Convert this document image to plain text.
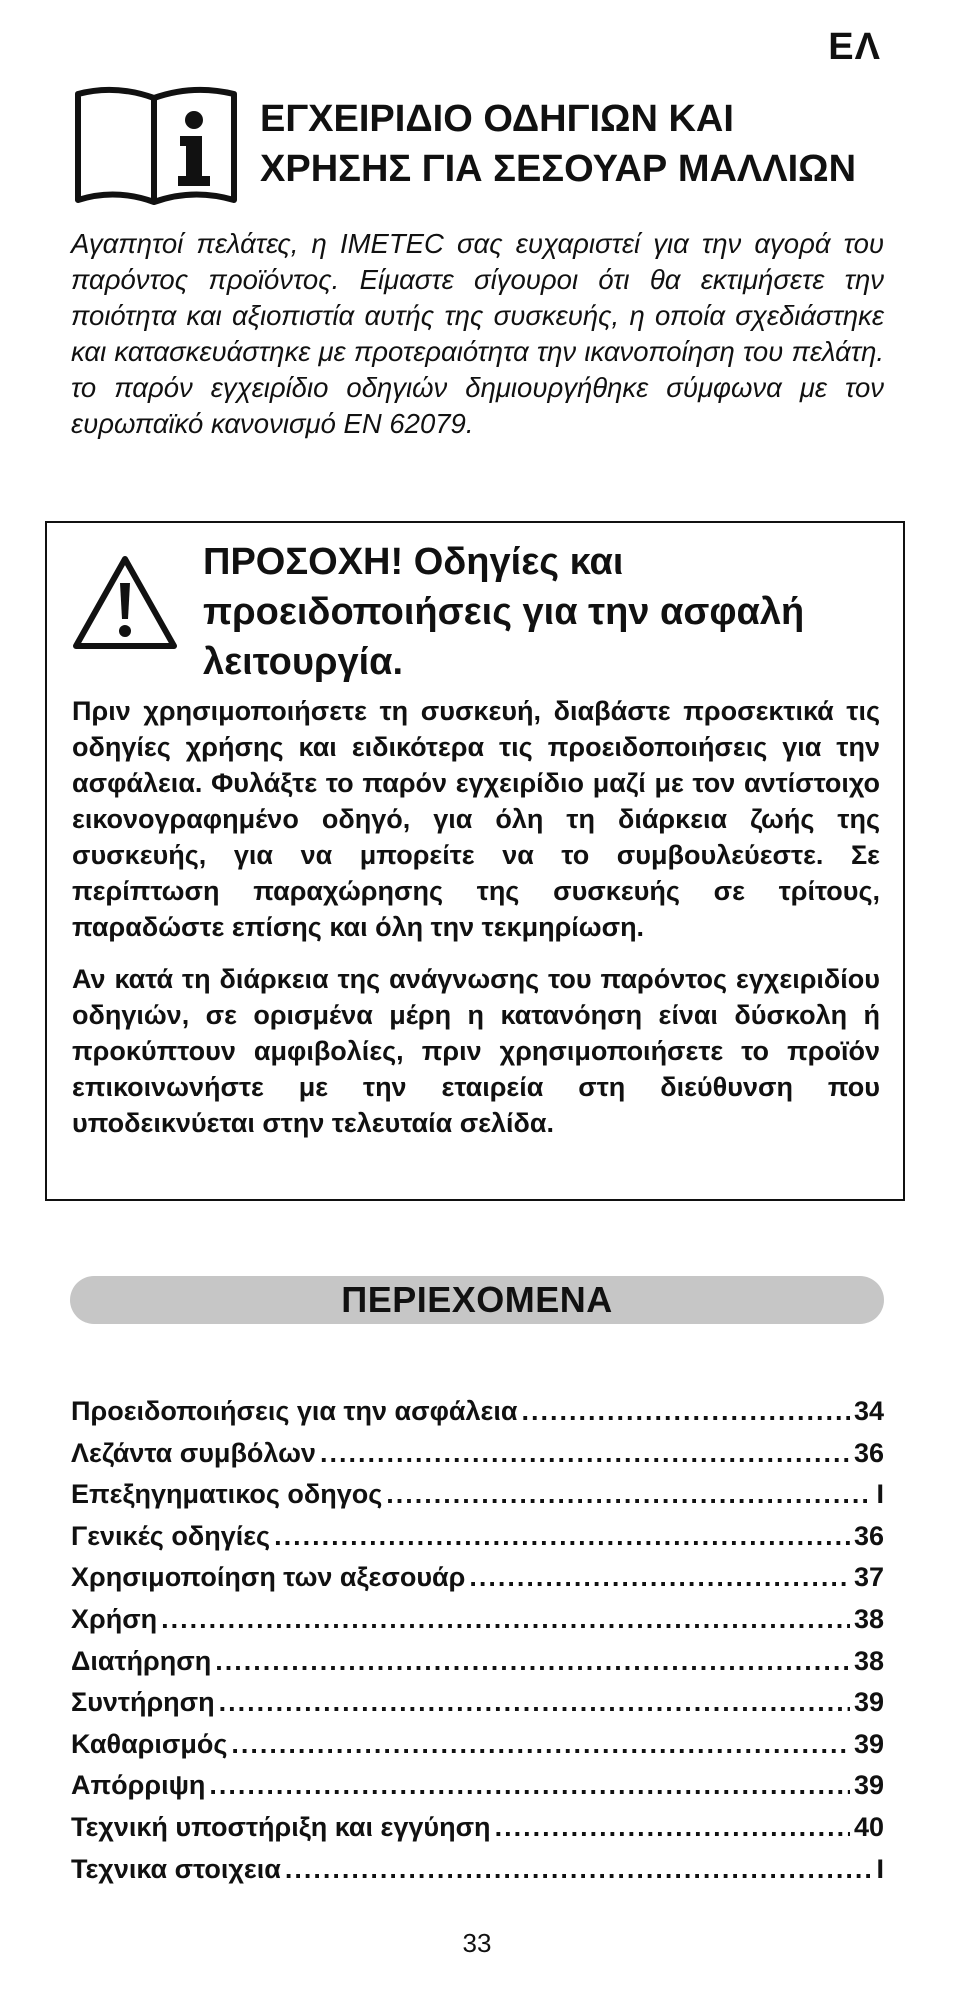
ΕΛ
ΕΓΧΕΙΡΙΔΙΟ ΟΔΗΓΙΩΝ ΚΑΙ
ΧΡΗΣΗΣ ΓΙΑ ΣΕΣΟΥΑΡ ΜΑΛΛΙΩΝ
Αγαπητοί πελάτες, η IMETEC σας ευχαριστεί για την αγορά του παρόντος προϊόντος. Είμαστε σίγουροι ότι θα εκτιμήσετε την ποιότητα και αξιοπιστία αυτής της συσκευής, η οποία σχεδιάστηκε και κατασκευάστηκε με προτεραιότητα την ικανοποίηση του πελάτη. το παρόν εγχειρίδιο οδηγιών δημιουργήθηκε σύμφωνα με τον ευρωπαϊκό κανονισμό EN 62079.
ΠΡΟΣΟΧΗ! Οδηγίες και
προειδοποιήσεις για την ασφαλή
λειτουργία.

Πριν χρησιμοποιήσετε τη συσκευή, διαβάστε προσεκτικά τις οδηγίες χρήσης και ειδικότερα τις προειδοποιήσεις για την ασφάλεια. Φυλάξτε το παρόν εγχειρίδιο μαζί με τον αντίστοιχο εικονογραφημένο οδηγό, για όλη τη διάρκεια ζωής της συσκευής, για να μπορείτε να το συμβουλεύεστε. Σε περίπτωση παραχώρησης της συσκευής σε τρίτους, παραδώστε επίσης και όλη την τεκμηρίωση.

Αν κατά τη διάρκεια της ανάγνωσης του παρόντος εγχειριδίου οδηγιών, σε ορισμένα μέρη η κατανόηση είναι δύσκολη ή προκύπτουν αμφιβολίες, πριν χρησιμοποιήσετε το προϊόν επικοινωνήστε με την εταιρεία στη διεύθυνση που υποδεικνύεται στην τελευταία σελίδα.

ΠΕΡΙΕΧΟΜΕΝΑ
Προειδοποιήσεις για την ασφάλεια .....	34
Λεζάντα συμβόλων .....	36
Επεξηγηματικος οδηγος .....	I
Γενικές οδηγίες .....	36
Χρησιμοποίηση των αξεσουάρ .....	37
Χρήση .....	38
Διατήρηση .....	38
Συντήρηση .....	39
Καθαρισμός .....	39
Απόρριψη .....	39
Τεχνική υποστήριξη και εγγύηση .....	40
Τεχνικα στοιχεια .....	I
33
